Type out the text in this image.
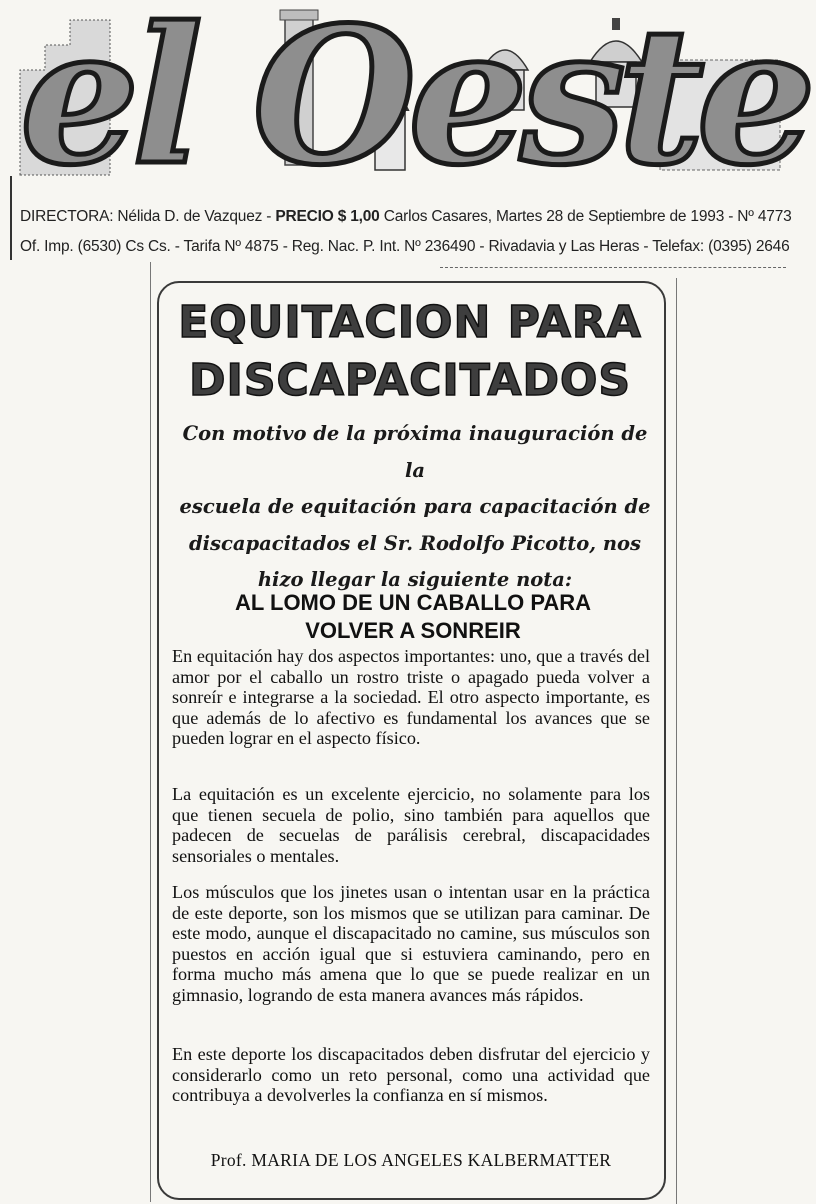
el Oeste
DIRECTORA: Nélida D. de Vazquez - PRECIO $ 1,00 Carlos Casares, Martes 28 de Septiembre de 1993 - Nº 4773
Of. Imp. (6530) Cs Cs. - Tarifa Nº 4875 - Reg. Nac. P. Int. Nº 236490 - Rivadavia y Las Heras - Telefax: (0395) 2646
EQUITACION PARA
DISCAPACITADOS
Con motivo de la próxima inauguración de la
escuela de equitación para capacitación de
discapacitados el Sr. Rodolfo Picotto, nos
hizo llegar la siguiente nota:
AL LOMO DE UN CABALLO PARA
VOLVER A SONREIR
En equitación hay dos aspectos importantes: uno, que a través del amor por el caballo un rostro triste o apagado pueda volver a sonreír e integrarse a la sociedad. El otro aspecto importante, es que además de lo afectivo es fundamental los avances que se pueden lograr en el aspecto físico.
La equitación es un excelente ejercicio, no solamente para los que tienen secuela de polio, sino también para aquellos que padecen de secuelas de parálisis cerebral, discapacidades sensoriales o mentales.
Los músculos que los jinetes usan o intentan usar en la práctica de este deporte, son los mismos que se utilizan para caminar. De este modo, aunque el discapacitado no camine, sus músculos son puestos en acción igual que si estuviera caminando, pero en forma mucho más amena que lo que se puede realizar en un gimnasio, logrando de esta manera avances más rápidos.
En este deporte los discapacitados deben disfrutar del ejercicio y considerarlo como un reto personal, como una actividad que contribuya a devolverles la confianza en sí mismos.
Prof. MARIA DE LOS ANGELES KALBERMATTER
